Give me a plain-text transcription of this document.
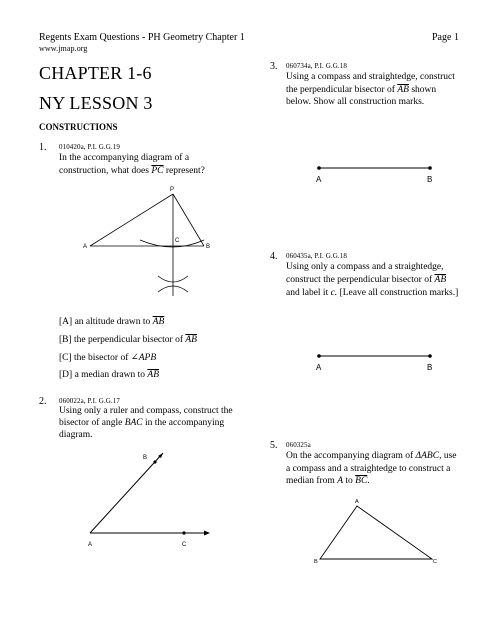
Regents Exam Questions - PH Geometry Chapter 1	Page 1
www.jmap.org
CHAPTER 1-6
NY LESSON 3
CONSTRUCTIONS
1. 010420a, P.I. G.G.19
In the accompanying diagram of a
construction, what does $\overline{PC}$ represent?
P
C
A	B
[A] an altitude drawn to $\overline{AB}$
[B] the perpendicular bisector of $\overline{AB}$
[C] the bisector of ∠APB
[D] a median drawn to $\overline{AB}$
2. 060022a, P.I. G.G.17
Using only a ruler and compass, construct the
bisector of angle BAC in the accompanying
diagram.
B
A	C
3. 060734a, P.I. G.G.18
Using a compass and straightedge, construct
the perpendicular bisector of $\overline{AB}$ shown
below. Show all construction marks.
A	B
4. 060435a, P.I. G.G.18
Using only a compass and a straightedge,
construct the perpendicular bisector of $\overline{AB}$
and label it c. [Leave all construction marks.]
A	B
5. 060325a
On the accompanying diagram of ΔABC, use
a compass and a straightedge to construct a
median from A to $\overline{BC}$.
A
B	C
